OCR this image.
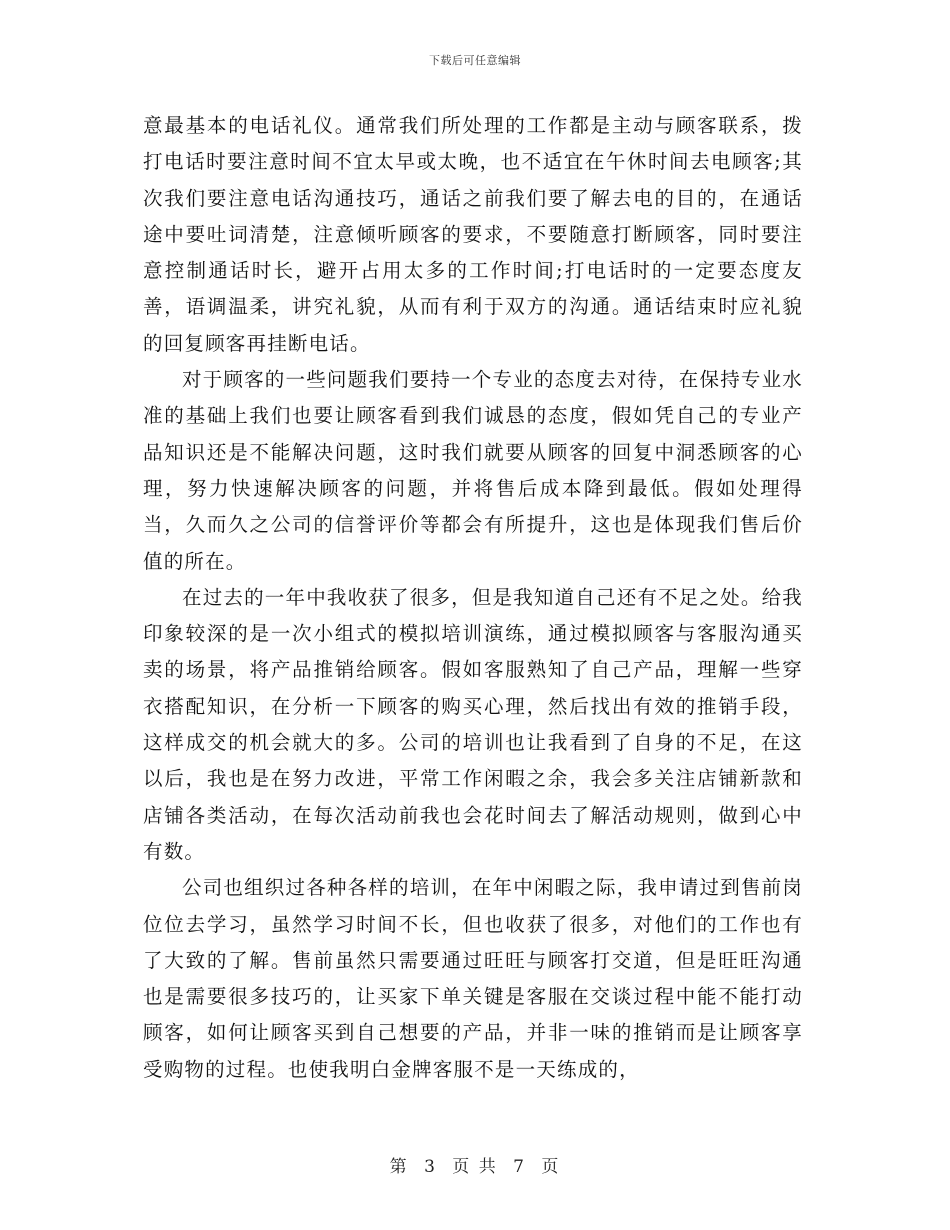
下载后可任意编辑

意最基本的电话礼仪。通常我们所处理的工作都是主动与顾客联系，拨打电话时要注意时间不宜太早或太晚，也不适宜在午休时间去电顾客;其次我们要注意电话沟通技巧，通话之前我们要了解去电的目的，在通话途中要吐词清楚，注意倾听顾客的要求，不要随意打断顾客，同时要注意控制通话时长，避开占用太多的工作时间;打电话时的一定要态度友善，语调温柔，讲究礼貌，从而有利于双方的沟通。通话结束时应礼貌的回复顾客再挂断电话。

对于顾客的一些问题我们要持一个专业的态度去对待，在保持专业水准的基础上我们也要让顾客看到我们诚恳的态度，假如凭自己的专业产品知识还是不能解决问题，这时我们就要从顾客的回复中洞悉顾客的心理，努力快速解决顾客的问题，并将售后成本降到最低。假如处理得当，久而久之公司的信誉评价等都会有所提升，这也是体现我们售后价值的所在。

在过去的一年中我收获了很多，但是我知道自己还有不足之处。给我印象较深的是一次小组式的模拟培训演练，通过模拟顾客与客服沟通买卖的场景，将产品推销给顾客。假如客服熟知了自己产品，理解一些穿衣搭配知识，在分析一下顾客的购买心理，然后找出有效的推销手段，这样成交的机会就大的多。公司的培训也让我看到了自身的不足，在这以后，我也是在努力改进，平常工作闲暇之余，我会多关注店铺新款和店铺各类活动，在每次活动前我也会花时间去了解活动规则，做到心中有数。

公司也组织过各种各样的培训，在年中闲暇之际，我申请过到售前岗位位去学习，虽然学习时间不长，但也收获了很多，对他们的工作也有了大致的了解。售前虽然只需要通过旺旺与顾客打交道，但是旺旺沟通也是需要很多技巧的，让买家下单关键是客服在交谈过程中能不能打动顾客，如何让顾客买到自己想要的产品，并非一味的推销而是让顾客享受购物的过程。也使我明白金牌客服不是一天练成的，

第 3 页 共 7 页
